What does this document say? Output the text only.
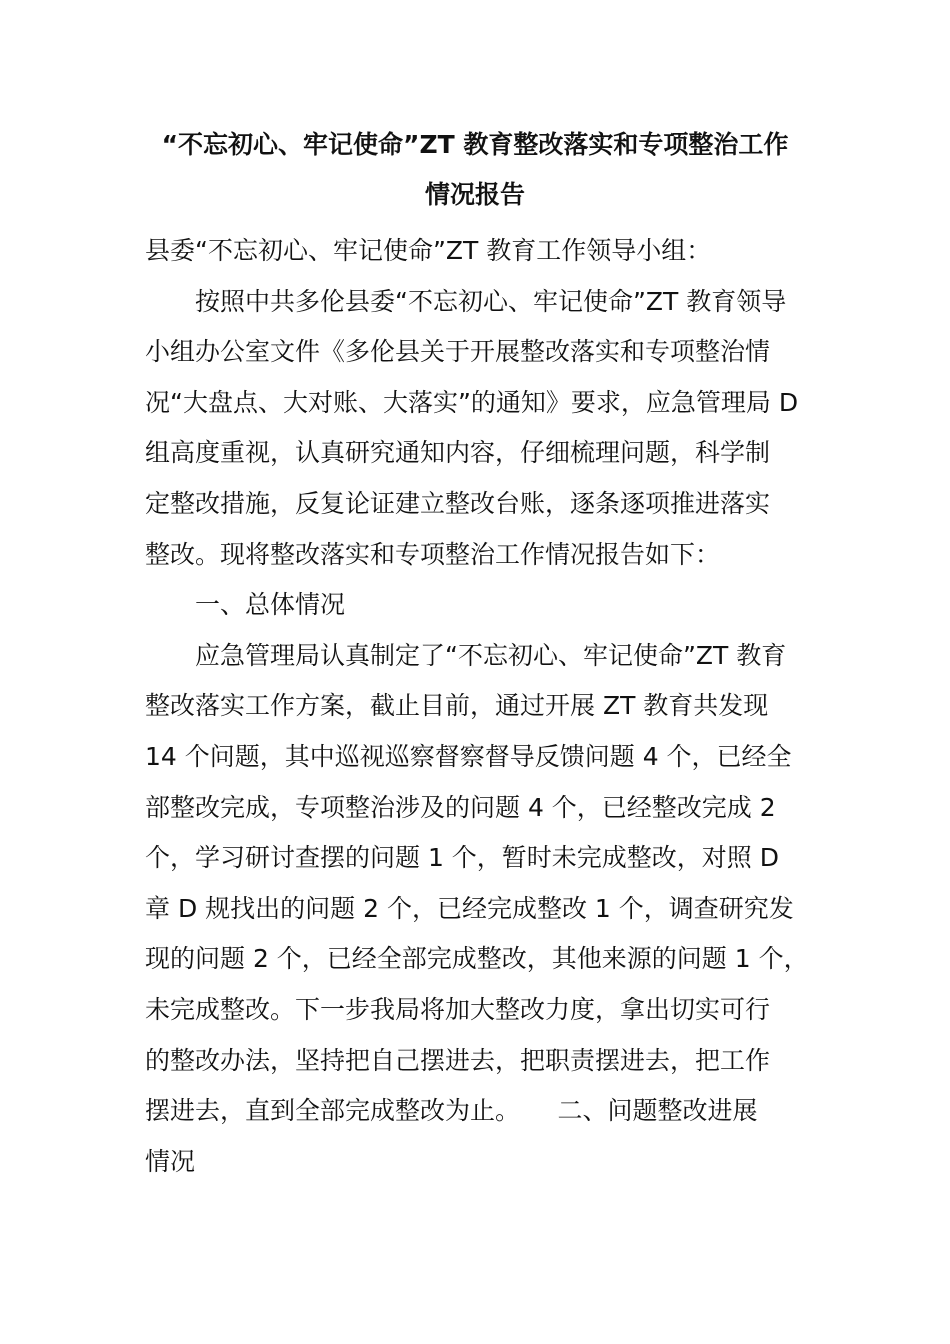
“不忘初心、牢记使命”ZT 教育整改落实和专项整治工作
情况报告
县委“不忘初心、牢记使命”ZT 教育工作领导小组：
按照中共多伦县委“不忘初心、牢记使命”ZT 教育领导
小组办公室文件《多伦县关于开展整改落实和专项整治情
况“大盘点、大对账、大落实”的通知》要求，应急管理局 D
组高度重视，认真研究通知内容，仔细梳理问题，科学制
定整改措施，反复论证建立整改台账，逐条逐项推进落实
整改。现将整改落实和专项整治工作情况报告如下：
一、总体情况
应急管理局认真制定了“不忘初心、牢记使命”ZT 教育
整改落实工作方案，截止目前，通过开展 ZT 教育共发现
14 个问题，其中巡视巡察督察督导反馈问题 4 个，已经全
部整改完成，专项整治涉及的问题 4 个，已经整改完成 2
个，学习研讨查摆的问题 1 个，暂时未完成整改，对照 D
章 D 规找出的问题 2 个，已经完成整改 1 个，调查研究发
现的问题 2 个，已经全部完成整改，其他来源的问题 1 个，
未完成整改。下一步我局将加大整改力度，拿出切实可行
的整改办法，坚持把自己摆进去，把职责摆进去，把工作
摆进去，直到全部完成整改为止。　　二、问题整改进展
情况
